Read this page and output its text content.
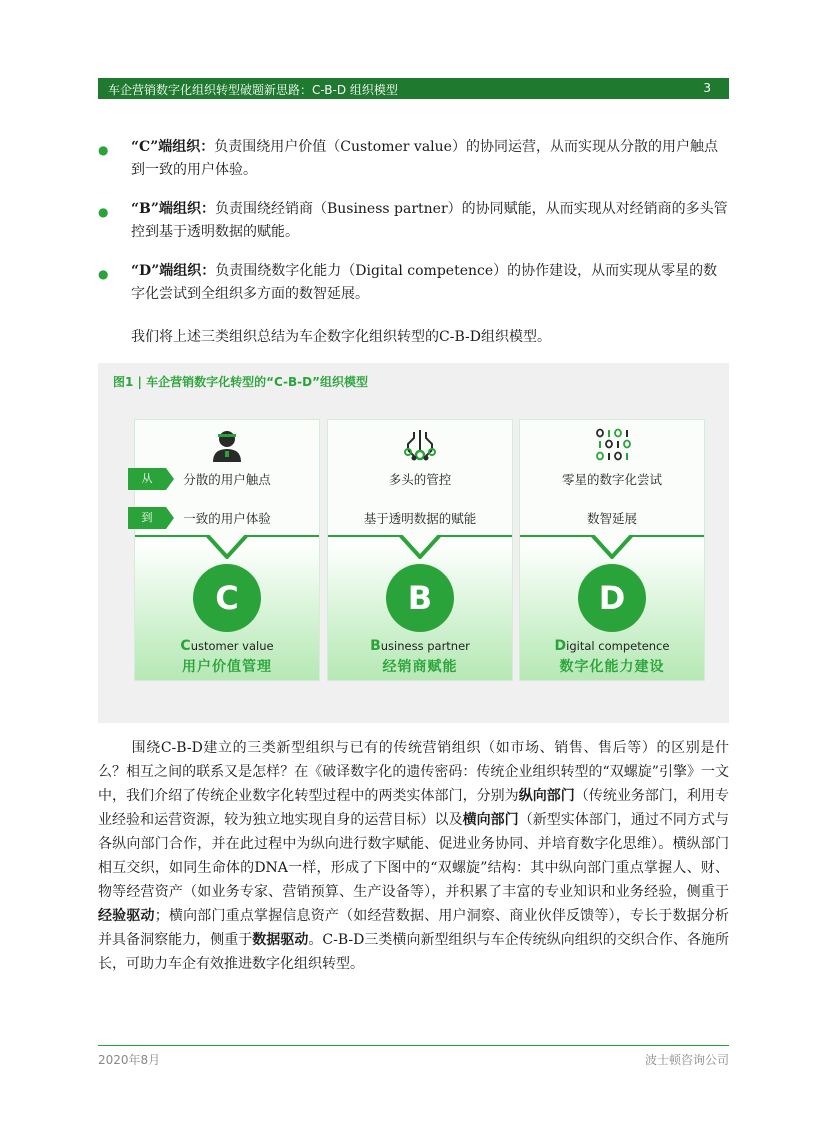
车企营销数字化组织转型破题新思路：C-B-D 组织模型	3
● “C”端组织：负责围绕用户价值（Customer value）的协同运营，从而实现从分散的用户触点到一致的用户体验。
● “B”端组织：负责围绕经销商（Business partner）的协同赋能，从而实现从对经销商的多头管控到基于透明数据的赋能。
● “D”端组织：负责围绕数字化能力（Digital competence）的协作建设，从而实现从零星的数字化尝试到全组织多方面的数智延展。
我们将上述三类组织总结为车企数字化组织转型的C-B-D组织模型。
图1 | 车企营销数字化转型的“C-B-D”组织模型
分散的用户触点
一致的用户体验
C
Customer value
用户价值管理
多头的管控
基于透明数据的赋能
B
Business partner
经销商赋能
零星的数字化尝试
数智延展
D
Digital competence
数字化能力建设
从
到
围绕C-B-D建立的三类新型组织与已有的传统营销组织（如市场、销售、售后等）的区别是什么？相互之间的联系又是怎样？在《破译数字化的遗传密码：传统企业组织转型的“双螺旋”引擎》一文中，我们介绍了传统企业数字化转型过程中的两类实体部门，分别为纵向部门（传统业务部门，利用专业经验和运营资源，较为独立地实现自身的运营目标）以及横向部门（新型实体部门，通过不同方式与各纵向部门合作，并在此过程中为纵向进行数字赋能、促进业务协同、并培育数字化思维）。横纵部门相互交织，如同生命体的DNA一样，形成了下图中的“双螺旋”结构：其中纵向部门重点掌握人、财、物等经营资产（如业务专家、营销预算、生产设备等），并积累了丰富的专业知识和业务经验，侧重于经验驱动；横向部门重点掌握信息资产（如经营数据、用户洞察、商业伙伴反馈等），专长于数据分析并具备洞察能力，侧重于数据驱动。C-B-D三类横向新型组织与车企传统纵向组织的交织合作、各施所长，可助力车企有效推进数字化组织转型。
2020年8月	波士顿咨询公司
